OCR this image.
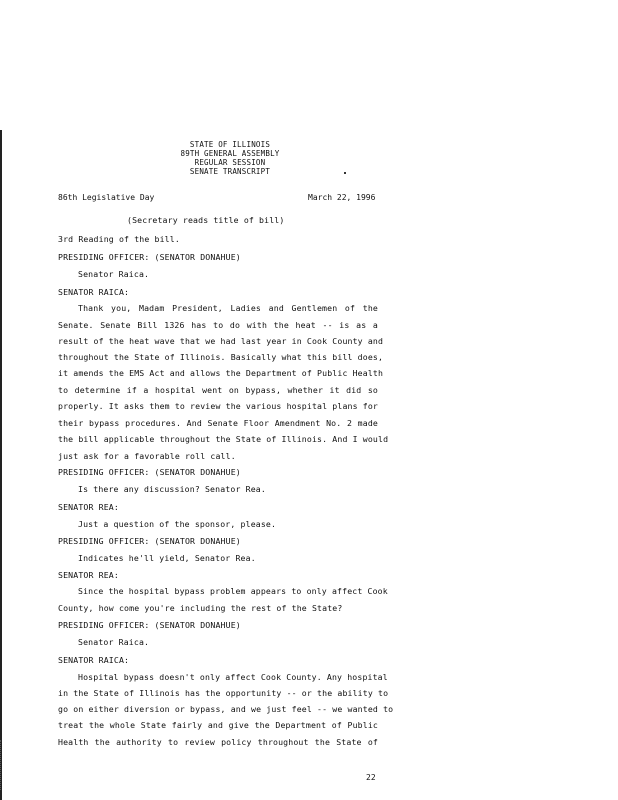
STATE OF ILLINOIS
89TH GENERAL ASSEMBLY
REGULAR SESSION
SENATE TRANSCRIPT
86th Legislative Day	March 22, 1996
(Secretary reads title of bill)
3rd Reading of the bill.
PRESIDING OFFICER: (SENATOR DONAHUE)
Senator Raica.
SENATOR RAICA:
Thank you, Madam President, Ladies and Gentlemen of the
Senate. Senate Bill 1326 has to do with the heat -- is as a
result of the heat wave that we had last year in Cook County and
throughout the State of Illinois. Basically what this bill does,
it amends the EMS Act and allows the Department of Public Health
to determine if a hospital went on bypass, whether it did so
properly. It asks them to review the various hospital plans for
their bypass procedures. And Senate Floor Amendment No. 2 made
the bill applicable throughout the State of Illinois. And I would
just ask for a favorable roll call.
PRESIDING OFFICER: (SENATOR DONAHUE)
Is there any discussion? Senator Rea.
SENATOR REA:
Just a question of the sponsor, please.
PRESIDING OFFICER: (SENATOR DONAHUE)
Indicates he'll yield, Senator Rea.
SENATOR REA:
Since the hospital bypass problem appears to only affect Cook
County, how come you're including the rest of the State?
PRESIDING OFFICER: (SENATOR DONAHUE)
Senator Raica.
SENATOR RAICA:
Hospital bypass doesn't only affect Cook County. Any hospital
in the State of Illinois has the opportunity -- or the ability to
go on either diversion or bypass, and we just feel -- we wanted to
treat the whole State fairly and give the Department of Public
Health the authority to review policy throughout the State of
22
